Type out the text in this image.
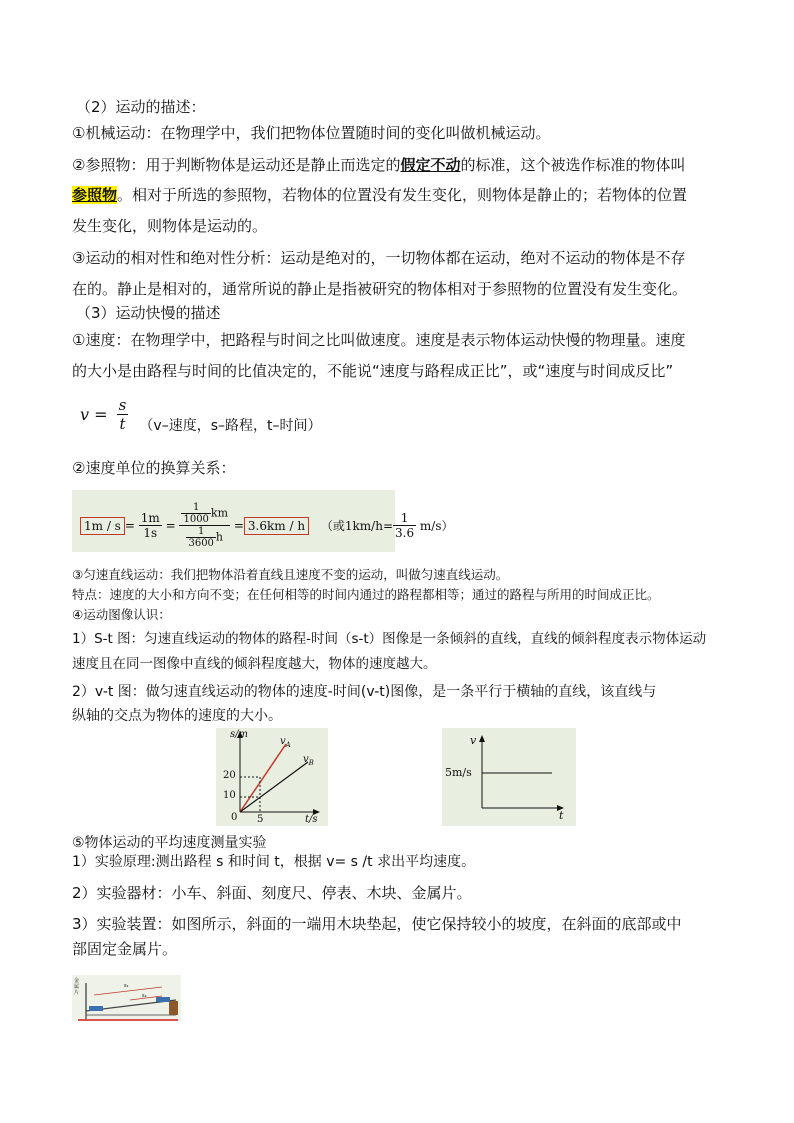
（2）运动的描述：
①机械运动：在物理学中，我们把物体位置随时间的变化叫做机械运动。
②参照物：用于判断物体是运动还是静止而选定的假定不动的标准，这个被选作标准的物体叫
参照物。相对于所选的参照物，若物体的位置没有发生变化，则物体是静止的；若物体的位置
发生变化，则物体是运动的。
③运动的相对性和绝对性分析：运动是绝对的，一切物体都在运动，绝对不运动的物体是不存
在的。静止是相对的，通常所说的静止是指被研究的物体相对于参照物的位置没有发生变化。
（3）运动快慢的描述
①速度：在物理学中，把路程与时间之比叫做速度。速度是表示物体运动快慢的物理量。速度
的大小是由路程与时间的比值决定的，不能说“速度与路程成正比”，或“速度与时间成反比”
$v = \frac{s}{t} (v-$速度，s–路程，t–时间）
②速度单位的换算关系：
$1m / s = \frac{1m}{1s} = \frac{\frac{1}{1000} km}{\frac{1}{3600} h} = 3.6km / h$ （或$1km/h= \frac{1}{3.6} m/s$）
③匀速直线运动：我们把物体沿着直线且速度不变的运动，叫做匀速直线运动。
特点：速度的大小和方向不变；在任何相等的时间内通过的路程都相等；通过的路程与所用的时间成正比。
④运动图像认识：
1）S-t 图：匀速直线运动的物体的路程-时间（s-t）图像是一条倾斜的直线，直线的倾斜程度表示物体运动
速度且在同一图像中直线的倾斜程度越大，物体的速度越大。
2）v-t 图：做匀速直线运动的物体的速度-时间(v-t)图像，是一条平行于横轴的直线，该直线与
纵轴的交点为物体的速度的大小。
s/m
t/s
$v_A$
$v_B$
20
10
0 5
v
t
5m/s
⑤物体运动的平均速度测量实验
1）实验原理:测出路程 s 和时间 t，根据 v= s /t 求出平均速度。
2）实验器材：小车、斜面、刻度尺、停表、木块、金属片。
3）实验装置：如图所示，斜面的一端用木块垫起，使它保持较小的坡度，在斜面的底部或中
部固定金属片。
金属片
s₁
s₂
